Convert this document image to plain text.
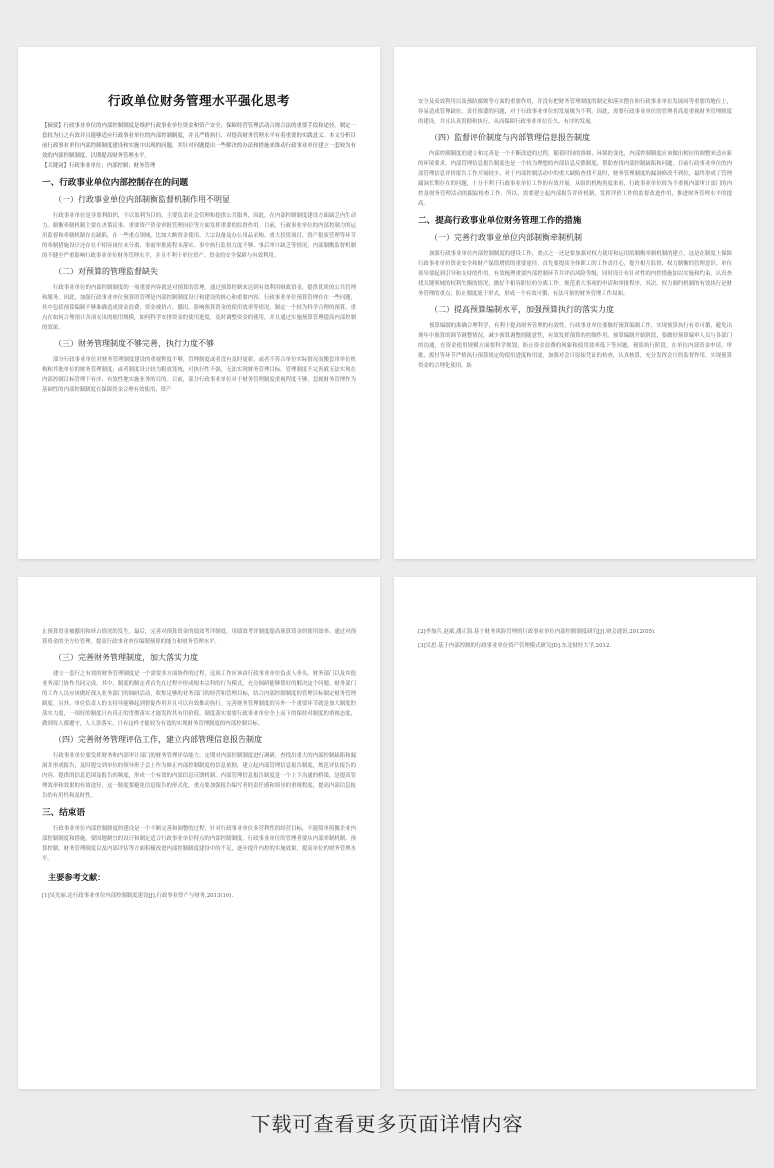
行政单位财务管理水平强化思考

【摘要】行政事业单位的内部控制制度是维护行政事业单位资金和资产安全，保障经营管理活动合规合法的重要手段和途径。制定一套较为行之有效并且能够适应行政事业单位的内部控制制度，并且严格执行，对提高财务管理水平有着重要的实践意义。本文分析目前行政事业单位内部控制制度建设和实施中出现的问题，并针对问题提出一些解决的办法和措施来推动行政事业单位建立一套较为有效的内部控制制度，以期提高财务管理水平。

【关键词】行政事业单位；内部控制；财务管理

一、行政事业单位内部控制存在的问题
（一）行政事业单位内部制衡监督机制作用不明显

行政事业单位是非盈利组织，不以盈利为目的，主要负责社会管理和提供公共服务，因此，在内部控制制度建设方面缺乏内生动力。制衡牵制机制主要在决策议事、重要资产资金审批管理岗位等方面发挥重要的监督作用。目前，行政事业单位的内部控制力的运用监督和牵制机制存在缺陷，在一些重点领域，比如大额资金使用、大宗设备及办公用品采购、重大投资项目、资产报废管理等环节的牵制措施设计还存在不相容岗位未分离、事前审批流程未落实、事中执行监督力度不够、事后审计缺乏等情况，内部制衡监督机制的不健全严重影响行政事业单位财务管理水平，并且不利于单位资产、资金的安全保障与有效利用。

（二）对预算的管理监督缺失

行政事业单位的内部控制制度的一项重要内容就是对预算的管理。通过预算控制来达到有效利用财政资金，提供优质的公共管理和服务。因此，加强行政事业单位预算的管理是内部控制制度设计和建设的核心和重要内容。行政事业单位预算管理存在一些问题，其中包括预算编制不够准确造成资金浪费，资金被挤占、挪用，影响预算资金的使用效率等情况。制定一个较为科学合理的预算，重点在如何合理预计各项支出的使用规模，如何科学安排资金的使用进度，及时调整资金的使用，并且通过实施预算管理提高内部控制的效果。

（三）财务管理制度不够完善，执行力度不够

部分行政事业单位对财务管理制度建设的重视程度不够，管理制度或者没有及时更新，或者不符合单位实际情况而搬套用单位机构和其他单位的财务管理制度；或者制度设计较为粗放笼统，可执行性不强，无法实现财务管理目标。管理制度不完善就无法实现在内部控制目标管理下有序、有效性地实施业务的目的。目前，部分行政事业单位对于财务管理制度重视程度不够，忽视财务管理作为基础性的内部控制制度在保障资金合理有效使用、资产

安全及高效利用以及预防腐败等方面的重要作用，并没有把财务管理制度的制定和落实摆在和行政事业单位发展同等重要的地位上，容易造成管理缺位、责任推诿的问题，对于行政事业单位的发展极为不利。因此，需要行政事业单位的管理者高度重视财务管理制度的建设，并且认真贯彻和执行，从而保障行政事业单位长久、有序的发展。

（四）监督评价制度与内部管理信息报告制度

内部控制制度的建立和完善是一个不断改进的过程，随着时间的推移、环境的变化，内部控制制度应该做出相应的调整来适应新的环境要求。内部管理信息报告制度也是一个较为理想的内部信息反馈制度，帮助查找内部控制缺陷和问题。目前行政事业单位的内部管理信息评价报告工作开展较少，对于内部控制活动中的重大缺陷查找不及时，财务管理制度的漏洞修改不到位，最终形成了管理漏洞长期存在的问题，十分不利于行政事业单位工作的有效开展。从组织机构角度来看，行政事业单位较为不重视内部审计部门的内控及财务管理活动的跟踪检查工作，所以，需要建立起内部报告评价机制，发挥评价工作的监督改进作用，推进财务管理水平的提高。

二、提高行政事业单位财务管理工作的措施
（一）完善行政事业单位内部制衡牵制机制

加强行政事业单位内部控制制度的建设工作，重点之一还是要加强对权力使用和运用的制衡牵制机制的建立，这是在制度上保障行政事业单位资金安全和财产保值增值的重要途径。首先要提高全体职工的工作责任心，提升相互监督、权力制衡的管理意识。单位领导要起到引导和支持的作用，有效梳理重要内部控制环节并评估风险等级，同时设计有针对性的内控措施加以实施和约束，认真查找关键领域的权利失衡的情况，做好不相容职位的分离工作。规范重大事项的申请和审批程序，其次，权力制约机制的有效执行是财务管理的重点，防止制度流于形式，形成一个有效可循、有法可依的财务管理工作局面。

（二）提高预算编制水平，加强预算执行的落实力度

预算编制的准确合理科学，有利于提高财务管理的有效性，行政事业单位要做好预算编制工作，实现预算执行有章可循，避免出现年中预算的调节调整情况，减少预算调整的随意性，有效发挥预算的控制作用。预算编制开始阶段，要做好预算编审人员与各部门的沟通，在资金使用规模方面要科学规划，防止资金浪费的现象和使用效率低下等问题。预算执行阶段，在单位内部资金申请、审批、拨付等环节严格执行预算规定的使用进度和用途，加强对会计原始凭证的检查，认真核算，充分发挥会计的监督作用，实现预算资金的合理化使用，防

止预算资金被挪用和挤占情况的发生。最后，完善对预算资金的绩效考评制度，用绩效考评制度提高预算资金的使用效率。通过对预算资金的全方位管理，提高行政事业单位编制预算的能力和财务管理水平。

（三）完善财务管理制度，加大落实力度

建立一套行之有效的财务管理制度是一个需要多方面协作的过程，这项工作应该由行政事业单位负责人牵头，财务部门以及其他业务部门协作共同完成。其中，制度的制定者首先在过程中形成根本宗科的行为模式，充分调研能够帮好的解决这个问题。财务部门的工作人员应该做好深入业务部门的调研活动，收集足够的业务部门的经营和管理目标，结合内部控制制度的管理目标制定财务管理制度。另外，单位负责人的支持导能够起到督促作用并且可以有效推动执行。完善财务管理制度的另外一个重要环节就是加大制度的落实力度，一项好的制度只有真正的贯彻落实才能发挥其有用价值。制度落实需要行政事业单位全上而下的保持对制度的重视态度，做到每人都遵守，人人讲落实，只有这样才能较为有效的实现财务管理制度的内部控制目标。

（四）完善财务管理评估工作，建立内部管理信息报告制度

行政事业单位要发挥财务和内部审计部门的财务管理评估能力，定期对内部控制制度进行调研，查找出重大的内部控制缺陷和漏洞并形成报告，及时提交到单位的领导班子会上作为修正内部控制制度的信息依据。建立起内部管理信息报告制度，规范评估报告的内容、提供的信息范围及报告的频度，形成一个有效的内部信息反馈机制。内部管理信息报告制度是一个上下沟通的桥梁，是提高管理效率和效果的有效途径，这一制度要避免信息报告的形式化，重点要加强报告编写者的责任感和领导的重视程度，提高内部信息报告的有用性和及时性。

三、结束语

行政事业单位内部控制制度的建设是一个不断完善和调整的过程，针对行政事业单位多营利性的经营目标，不能简单照搬企业内部控制制度和措施，要因地制宜的设计和制定适合行政事业单位特点的内部控制制度。行政事业单位的管理者要从内部牵制机制、预算控制、财务管理制度以及内部评估等方面积极改进内部控制制度建设中的不足，逐步提升内控的实施效果，提高单位的财务管理水平。

主要参考文献：

[1]吴光丽.论行政事业单位内部控制制度建设[J].行政事业资产与财务,2013(10).

[2]李加兵,赵斌,潘正海.基于财务风险管理的行政事业单位内部控制制度研究[J].财会通讯,2012(05).

[3]吴思.基于内部控制的行政事业单位资产管理模式研究[D].东北财经大学,2012.

下载可查看更多页面详情内容
